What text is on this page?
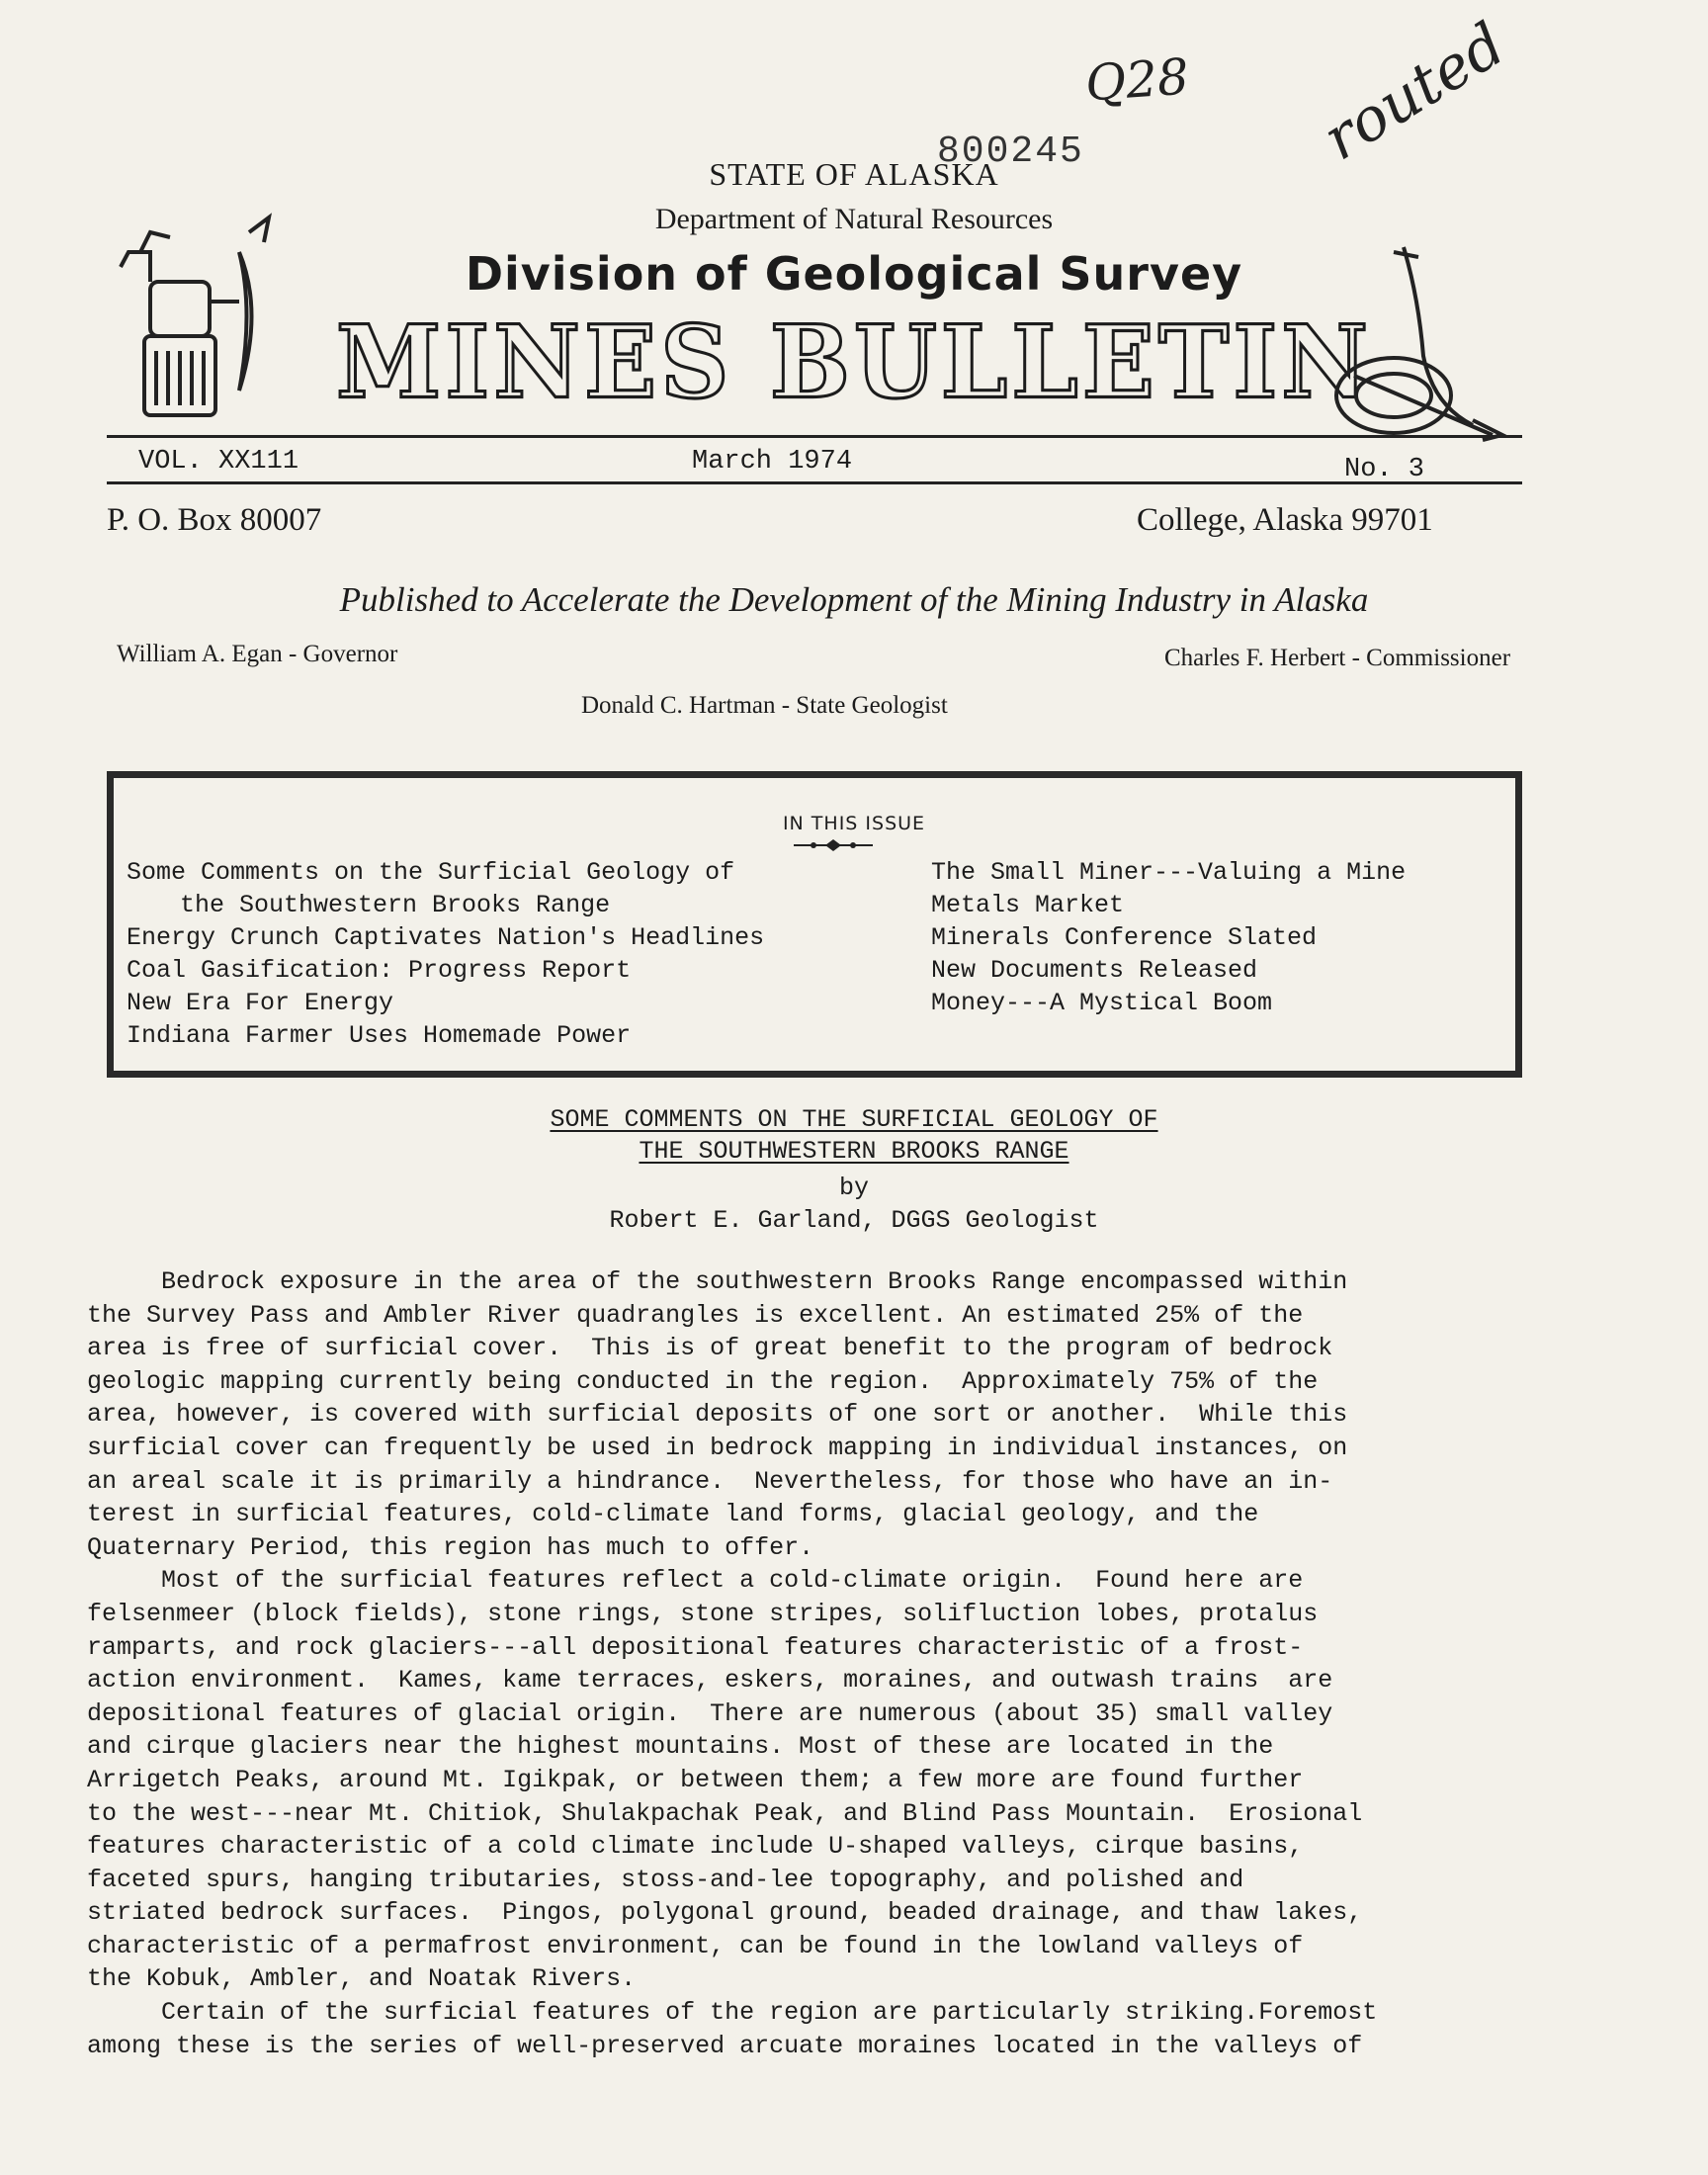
Q28 routed
800245
STATE OF ALASKA
Department of Natural Resources
Division of Geological Survey
MINES BULLETIN
VOL. XX111	March 1974	No. 3
P. O. Box 80007	College, Alaska 99701
Published to Accelerate the Development of the Mining Industry in Alaska
William A. Egan - Governor	Charles F. Herbert - Commissioner
Donald C. Hartman - State Geologist
IN THIS ISSUE
Some Comments on the Surficial Geology of
the Southwestern Brooks Range
Energy Crunch Captivates Nation's Headlines
Coal Gasification: Progress Report
New Era For Energy
Indiana Farmer Uses Homemade Power
The Small Miner---Valuing a Mine
Metals Market
Minerals Conference Slated
New Documents Released
Money---A Mystical Boom
SOME COMMENTS ON THE SURFICIAL GEOLOGY OF
THE SOUTHWESTERN BROOKS RANGE
by
Robert E. Garland, DGGS Geologist
Bedrock exposure in the area of the southwestern Brooks Range encompassed within
the Survey Pass and Ambler River quadrangles is excellent. An estimated 25% of the
area is free of surficial cover.  This is of great benefit to the program of bedrock
geologic mapping currently being conducted in the region.  Approximately 75% of the
area, however, is covered with surficial deposits of one sort or another.  While this
surficial cover can frequently be used in bedrock mapping in individual instances, on
an areal scale it is primarily a hindrance.  Nevertheless, for those who have an in-
terest in surficial features, cold-climate land forms, glacial geology, and the
Quaternary Period, this region has much to offer.
Most of the surficial features reflect a cold-climate origin.  Found here are
felsenmeer (block fields), stone rings, stone stripes, solifluction lobes, protalus
ramparts, and rock glaciers---all depositional features characteristic of a frost-
action environment.  Kames, kame terraces, eskers, moraines, and outwash trains  are
depositional features of glacial origin.  There are numerous (about 35) small valley
and cirque glaciers near the highest mountains. Most of these are located in the
Arrigetch Peaks, around Mt. Igikpak, or between them; a few more are found further
to the west---near Mt. Chitiok, Shulakpachak Peak, and Blind Pass Mountain.  Erosional
features characteristic of a cold climate include U-shaped valleys, cirque basins,
faceted spurs, hanging tributaries, stoss-and-lee topography, and polished and
striated bedrock surfaces.  Pingos, polygonal ground, beaded drainage, and thaw lakes,
characteristic of a permafrost environment, can be found in the lowland valleys of
the Kobuk, Ambler, and Noatak Rivers.
Certain of the surficial features of the region are particularly striking.Foremost
among these is the series of well-preserved arcuate moraines located in the valleys of
